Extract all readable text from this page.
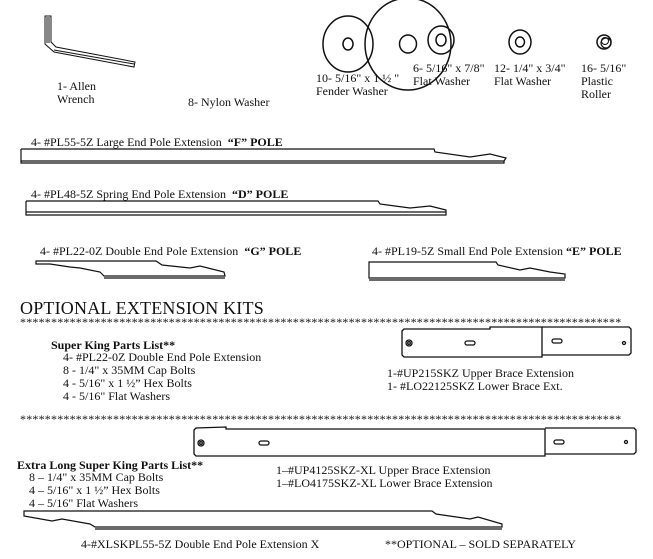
1- Allen
Wrench	8- Nylon Washer
10- 5/16" x 1 ½ "
Fender Washer
6- 5/16" x 7/8"
Flat Washer
12- 1/4" x 3/4"
Flat Washer
16- 5/16"
Plastic
Roller
4- #PL55-5Z Large End Pole Extension “F” POLE
4- #PL48-5Z Spring End Pole Extension “D” POLE
4- #PL22-0Z Double End Pole Extension “G” POLE	4- #PL19-5Z Small End Pole Extension “E” POLE
OPTIONAL EXTENSION KITS
*************************************************************************************************
Super King Parts List**
4- #PL22-0Z Double End Pole Extension
8 - 1/4" x 35MM Cap Bolts
4 - 5/16" x 1 ½” Hex Bolts
4 - 5/16" Flat Washers
1-#UP215SKZ Upper Brace Extension
1- #LO22125SKZ Lower Brace Ext.
*************************************************************************************************
Extra Long Super King Parts List**
8 – 1/4" x 35MM Cap Bolts
4 – 5/16" x 1 ½” Hex Bolts
4 – 5/16" Flat Washers
1–#UP4125SKZ-XL Upper Brace Extension
1–#LO4175SKZ-XL Lower Brace Extension
4-#XLSKPL55-5Z Double End Pole Extension X	**OPTIONAL – SOLD SEPARATELY
